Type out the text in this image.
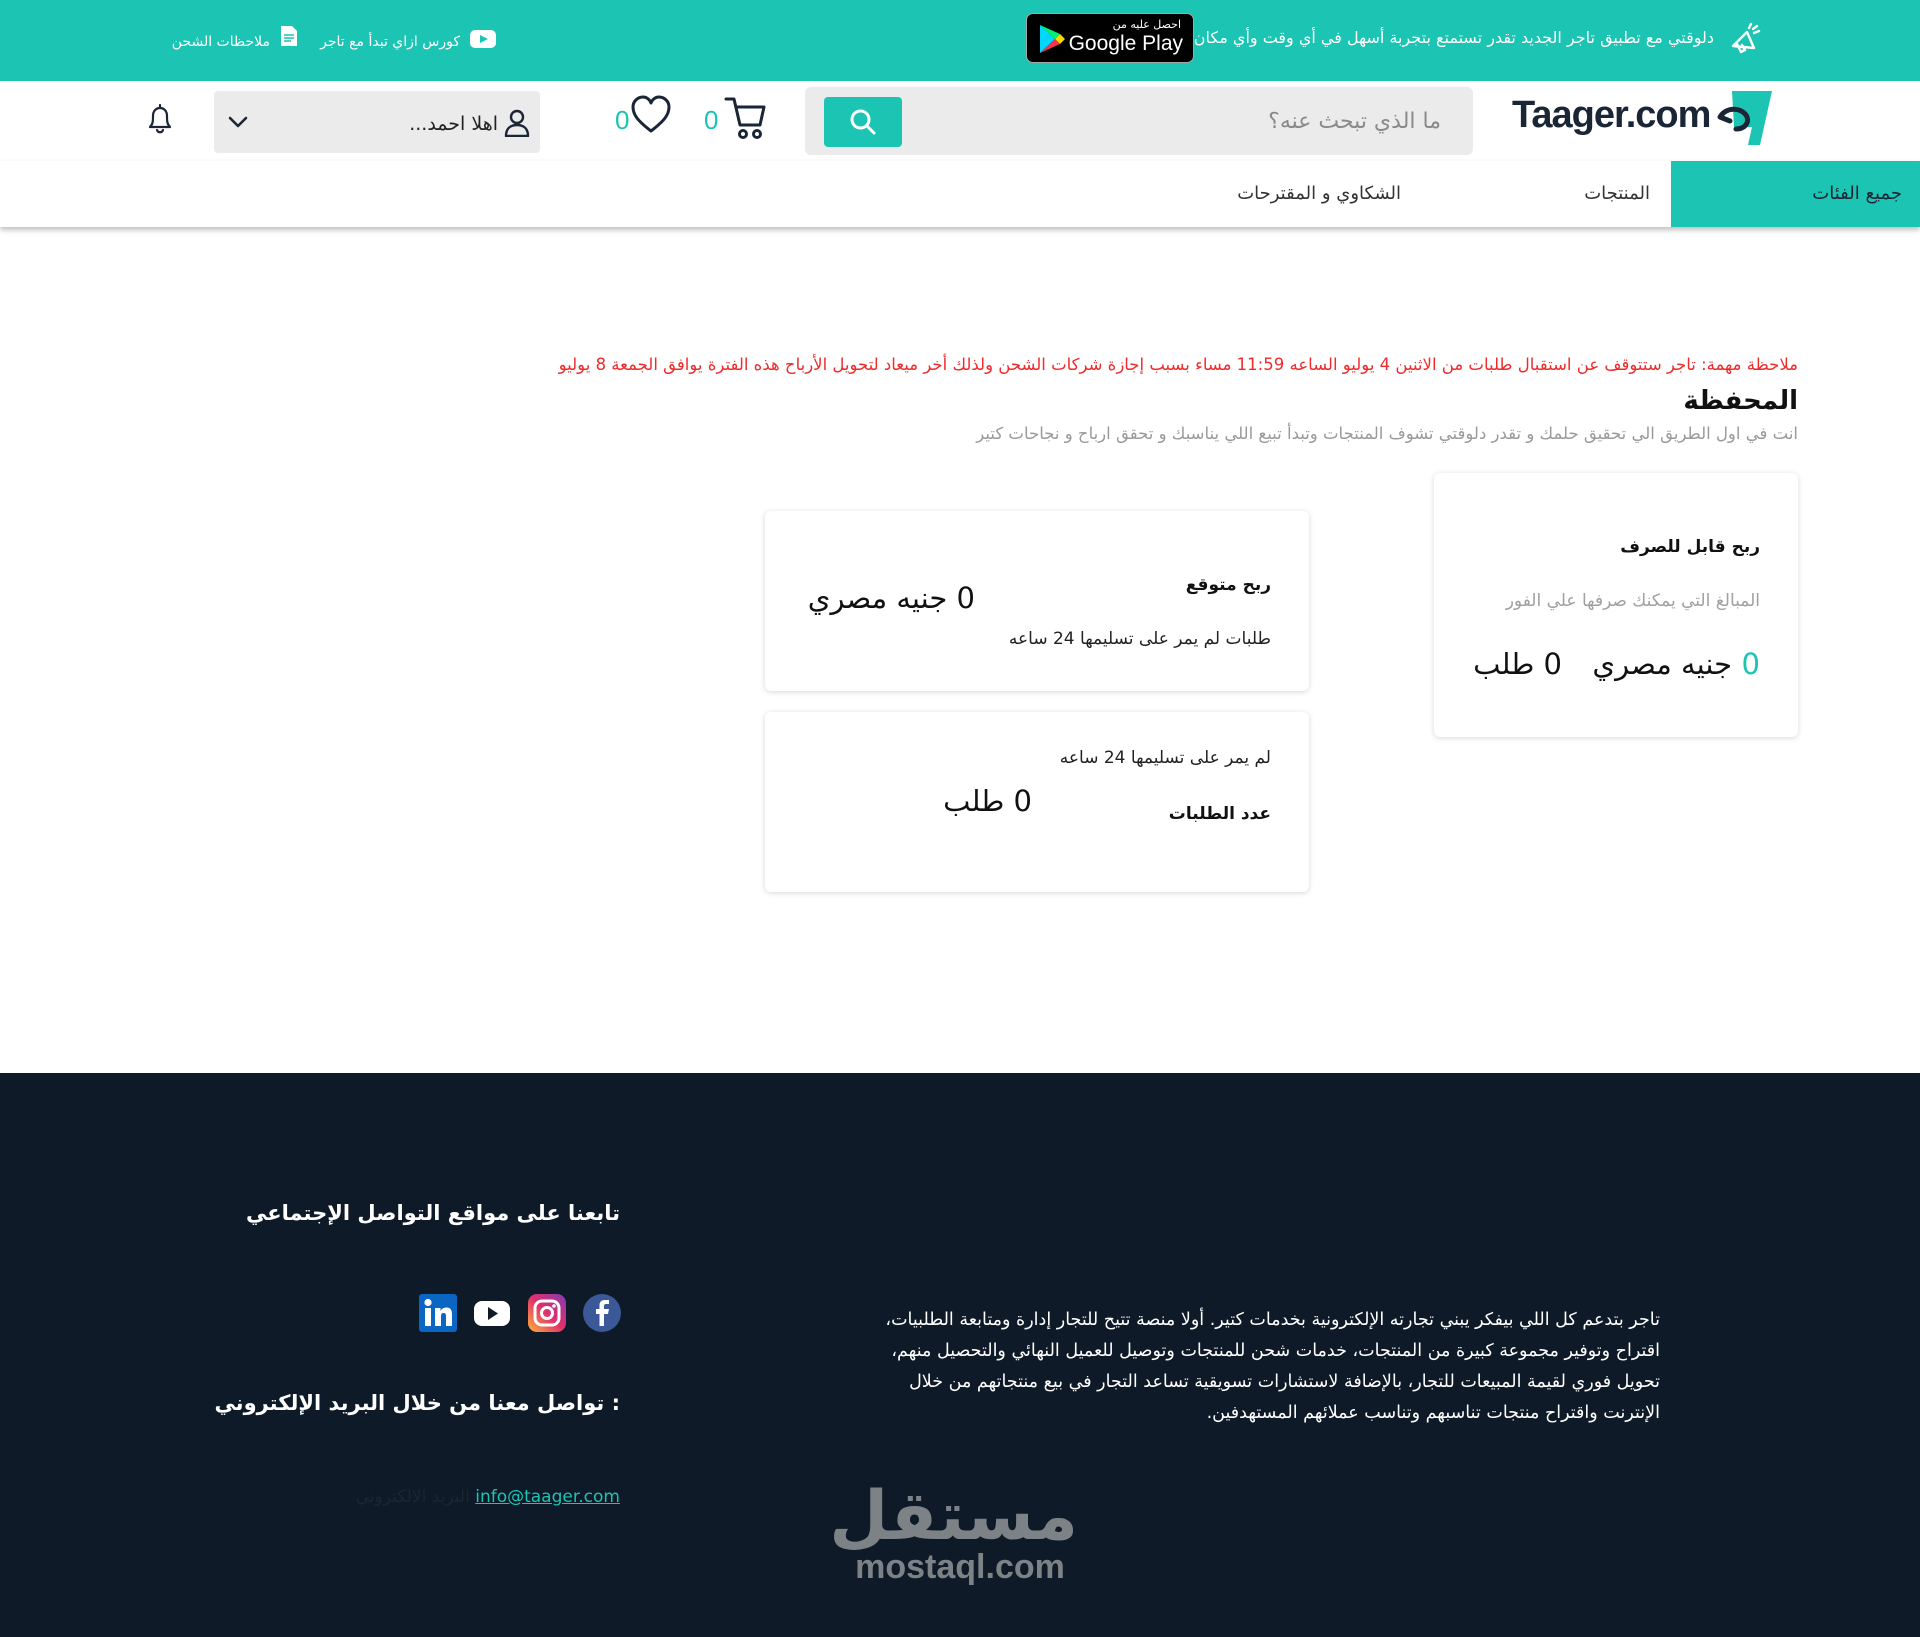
دلوقتي مع تطبيق تاجر الجديد تقدر تستمتع بتجربة أسهل في أي وقت وأي مكان
احصل عليه من
Google Play
كورس ازاي تبدأ مع تاجر
ملاحظات الشحن
Taager.com
ما الذي تبحث عنه؟
0
0
اهلا احمد...
جميع الفئات
المنتجات
الشكاوي و المقترحات
ملاحظة مهمة: تاجر ستتوقف عن استقبال طلبات من الاثنين 4 يوليو الساعه 11:59 مساء بسبب إجازة شركات الشحن ولذلك أخر ميعاد لتحويل الأرباح هذه الفترة يوافق الجمعة 8 يوليو
المحفظة
انت في اول الطريق الي تحقيق حلمك و تقدر دلوقتي تشوف المنتجات وتبدأ تبيع اللي يناسبك و تحقق ارباح و نجاحات كتير
ربح قابل للصرف
المبالغ التي يمكنك صرفها علي الفور
0
جنيه مصري
0 طلب
ربح متوقع
0 جنيه مصري
طلبات لم يمر على تسليمها 24 ساعه
لم يمر على تسليمها 24 ساعه
عدد الطلبات
0 طلب
تابعنا على مواقع التواصل الإجتماعي
: تواصل معنا من خلال البريد الإلكتروني
info@taager.com البريد الالكتروني

تاجر بتدعم كل اللي بيفكر يبني تجارته الإلكترونية بخدمات كتير. أولا منصة تتيح للتجار إدارة ومتابعة الطلبيات، اقتراح وتوفير مجموعة كبيرة من المنتجات، خدمات شحن للمنتجات وتوصيل للعميل النهائي والتحصيل منهم، تحويل فوري لقيمة المبيعات للتجار، بالإضافة لاستشارات تسويقية تساعد التجار في بيع منتجاتهم من خلال الإنترنت واقتراح منتجات تناسبهم وتناسب عملائهم المستهدفين.

مستقل
mostaql.com
